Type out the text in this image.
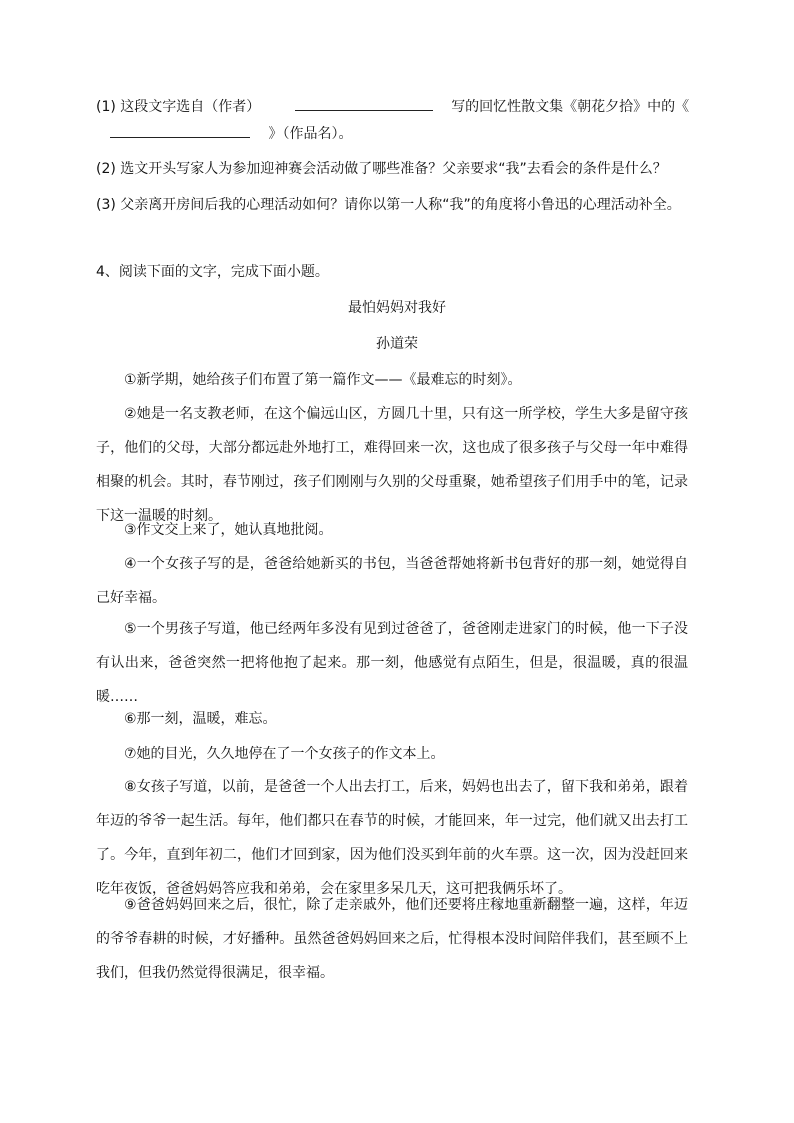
(1) 这段文字选自（作者）	写的回忆性散文集《朝花夕拾》中的《
》（作品名）。
(2) 选文开头写家人为参加迎神赛会活动做了哪些准备？父亲要求“我”去看会的条件是什么？
(3) 父亲离开房间后我的心理活动如何？请你以第一人称“我”的角度将小鲁迅的心理活动补全。
4、阅读下面的文字，完成下面小题。
最怕妈妈对我好
孙道荣
①新学期，她给孩子们布置了第一篇作文——《最难忘的时刻》。
②她是一名支教老师，在这个偏远山区，方圆几十里，只有这一所学校，学生大多是留守孩子，他们的父母，大部分都远赴外地打工，难得回来一次，这也成了很多孩子与父母一年中难得相聚的机会。其时，春节刚过，孩子们刚刚与久别的父母重聚，她希望孩子们用手中的笔，记录下这一温暖的时刻。
③作文交上来了，她认真地批阅。
④一个女孩子写的是，爸爸给她新买的书包，当爸爸帮她将新书包背好的那一刻，她觉得自己好幸福。
⑤一个男孩子写道，他已经两年多没有见到过爸爸了，爸爸刚走进家门的时候，他一下子没有认出来，爸爸突然一把将他抱了起来。那一刻，他感觉有点陌生，但是，很温暖，真的很温暖……
⑥那一刻，温暖，难忘。
⑦她的目光，久久地停在了一个女孩子的作文本上。
⑧女孩子写道，以前，是爸爸一个人出去打工，后来，妈妈也出去了，留下我和弟弟，跟着年迈的爷爷一起生活。每年，他们都只在春节的时候，才能回来，年一过完，他们就又出去打工了。今年，直到年初二，他们才回到家，因为他们没买到年前的火车票。这一次，因为没赶回来吃年夜饭，爸爸妈妈答应我和弟弟，会在家里多呆几天，这可把我俩乐坏了。
⑨爸爸妈妈回来之后，很忙，除了走亲戚外，他们还要将庄稼地重新翻整一遍，这样，年迈的爷爷春耕的时候，才好播种。虽然爸爸妈妈回来之后，忙得根本没时间陪伴我们，甚至顾不上我们，但我仍然觉得很满足，很幸福。
